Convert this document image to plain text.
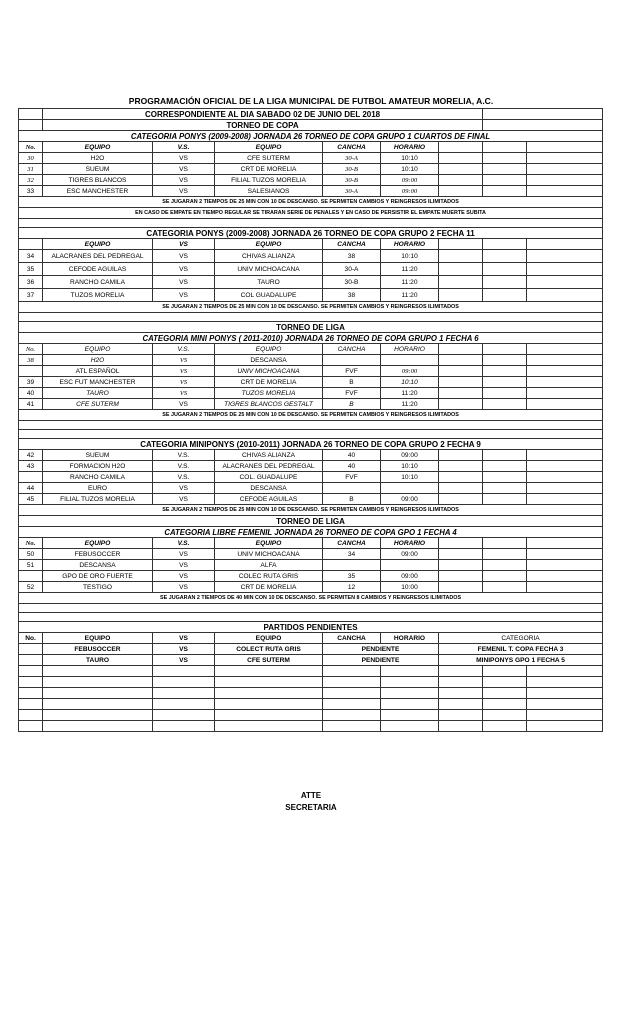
PROGRAMACIÓN OFICIAL DE LA LIGA MUNICIPAL DE FUTBOL AMATEUR MORELIA, A.C.
	CORRESPONDIENTE AL DIA SABADO 02 DE JUNIO DEL 2018							
	TORNEO DE COPA							
CATEGORIA PONYS (2009-2008) JORNADA 26 TORNEO DE COPA GRUPO 1 CUARTOS DE FINAL								
No.	EQUIPO	V.S.	EQUIPO	CANCHA	HORARIO			
30	H2O	VS	CFE SUTERM	30-A	10:10			
31	SUEUM	VS	CRT DE MORELIA	30-B	10:10			
32	TIGRES BLANCOS	VS	FILIAL TUZOS MORELIA	30-B	09:00			
33	ESC MANCHESTER	VS	SALESIANOS	30-A	09:00			
SE JUGARAN 2 TIEMPOS DE 25 MIN CON 10 DE DESCANSO. SE PERMITEN CAMBIOS Y REINGRESOS ILIMITADOS								
EN CASO DE EMPATE EN TIEMPO REGULAR SE TIRARAN SERIE DE PENALES Y EN CASO DE PERSISTIR EL EMPATE MUERTE SUBITA								

CATEGORIA PONYS (2009-2008) JORNADA 26 TORNEO DE COPA GRUPO 2 FECHA 11								
	EQUIPO	VS	EQUIPO	CANCHA	HORARIO			
34	ALACRANES DEL PEDREGAL	VS	CHIVAS ALIANZA	38	10:10			
35	CEFODE AGUILAS	VS	UNIV MICHOACANA	30-A	11:20			
36	RANCHO CAMILA	VS	TAURO	30-B	11:20			
37	TUZOS MORELIA	VS	COL GUADALUPE	38	11:20			
SE JUGARAN 2 TIEMPOS DE 25 MIN CON 10 DE DESCANSO. SE PERMITEN CAMBIOS Y REINGRESOS ILIMITADOS								

TORNEO DE LIGA								
CATEGORIA MINI PONYS ( 2011-2010) JORNADA 26 TORNEO DE COPA GRUPO 1 FECHA 6								
No.	EQUIPO	V.S.	EQUIPO	CANCHA	HORARIO			
38	H2O	VS	DESCANSA					
	ATL ESPAÑOL	VS	UNIV MICHOACANA	FVF	09:00			
39	ESC FUT MANCHESTER	VS	CRT DE MORELIA	B	10:10			
40	TAURO	VS	TUZOS MORELIA	FVF	11:20			
41	CFE SUTERM	VS	TIGRES BLANCOS GESTALT	B	11:20			
SE JUGARAN 2 TIEMPOS DE 25 MIN CON 10 DE DESCANSO. SE PERMITEN CAMBIOS Y REINGRESOS ILIMITADOS								

CATEGORIA MINIPONYS (2010-2011) JORNADA 26 TORNEO DE COPA GRUPO 2 FECHA 9								
42	SUEUM	V.S.	CHIVAS ALIANZA	40	09:00			
43	FORMACION H2O	V.S.	ALACRANES DEL PEDREGAL	40	10:10			
	RANCHO CAMILA	V.S.	COL. GUADALUPE	FVF	10:10			
44	EURO	VS	DESCANSA					
45	FILIAL TUZOS MORELIA	VS	CEFODE AGUILAS	B	09:00			
SE JUGARAN 2 TIEMPOS DE 25 MIN CON 10 DE DESCANSO. SE PERMITEN CAMBIOS Y REINGRESOS ILIMITADOS								
TORNEO DE LIGA								
CATEGORIA LIBRE FEMENIL JORNADA 26 TORNEO DE COPA GPO 1 FECHA 4								
No.	EQUIPO	V.S.	EQUIPO	CANCHA	HORARIO			
50	FEBUSOCCER	VS	UNIV MICHOACANA	34	09:00			
51	DESCANSA	VS	ALFA					
	GPO DE ORO FUERTE	VS	COLEC RUTA GRIS	35	09:00			
52	TESTIGO	VS	CRT DE MORELIA	12	10:00			
SE JUGARAN 2 TIEMPOS DE 40 MIN CON 10 DE DESCANSO. SE PERMITEN 8 CAMBIOS Y REINGRESOS ILIMITADOS								

PARTIDOS PENDIENTES								
No.	EQUIPO	VS	EQUIPO	CANCHA	HORARIO	CATEGORIA		
	FEBUSOCCER	VS	COLECT RUTA GRIS	PENDIENTE		FEMENIL T. COPA FECHA 3		
	TAURO	VS	CFE SUTERM	PENDIENTE		MINIPONYS GPO 1 FECHA 5		

ATTE
SECRETARIA
